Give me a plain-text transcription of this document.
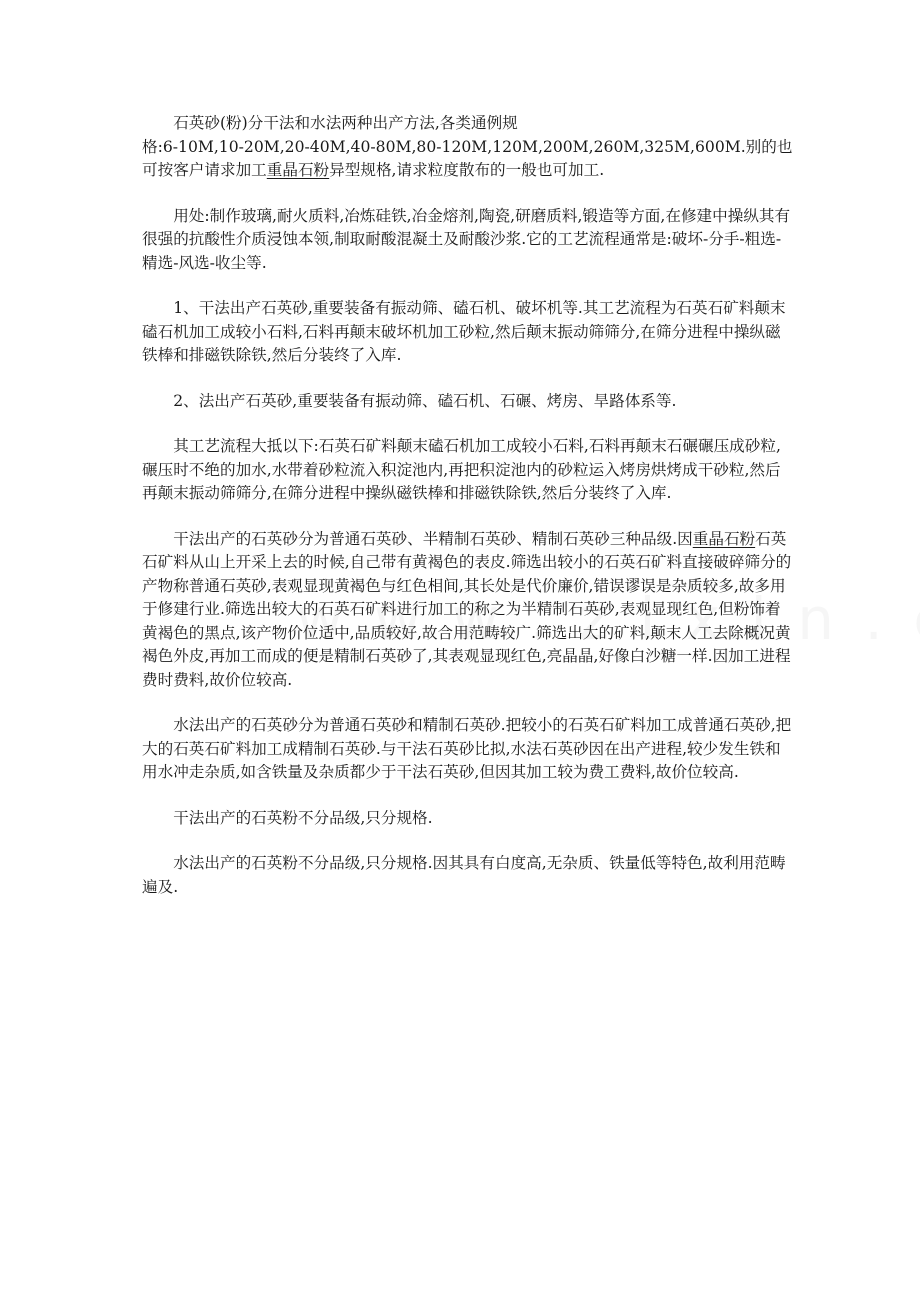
石英砂(粉)分干法和水法两种出产方法,各类通例规
格:6-10M,10-20M,20-40M,40-80M,80-120M,120M,200M,260M,325M,600M.别的也可按客户请求加工重晶石粉异型规格,请求粒度散布的一般也可加工.

用处:制作玻璃,耐火质料,冶炼硅铁,冶金熔剂,陶瓷,研磨质料,锻造等方面,在修建中操纵其有很强的抗酸性介质浸蚀本领,制取耐酸混凝土及耐酸沙浆.它的工艺流程通常是:破坏-分手-粗选-精选-风选-收尘等.

1、干法出产石英砂,重要装备有振动筛、磕石机、破坏机等.其工艺流程为石英石矿料颠末磕石机加工成较小石料,石料再颠末破坏机加工砂粒,然后颠末振动筛筛分,在筛分进程中操纵磁铁棒和排磁铁除铁,然后分装终了入库.

2、法出产石英砂,重要装备有振动筛、磕石机、石碾、烤房、旱路体系等.

其工艺流程大抵以下:石英石矿料颠末磕石机加工成较小石料,石料再颠末石碾碾压成砂粒,碾压时不绝的加水,水带着砂粒流入积淀池内,再把积淀池内的砂粒运入烤房烘烤成干砂粒,然后再颠末振动筛筛分,在筛分进程中操纵磁铁棒和排磁铁除铁,然后分装终了入库.

干法出产的石英砂分为普通石英砂、半精制石英砂、精制石英砂三种品级.因重晶石粉石英石矿料从山上开采上去的时候,自己带有黄褐色的表皮.筛选出较小的石英石矿料直接破碎筛分的产物称普通石英砂,表观显现黄褐色与红色相间,其长处是代价廉价,错误谬误是杂质较多,故多用于修建行业.筛选出较大的石英石矿料进行加工的称之为半精制石英砂,表观显现红色,但粉饰着黄褐色的黑点,该产物价位适中,品质较好,故合用范畴较广.筛选出大的矿料,颠末人工去除概况黄褐色外皮,再加工而成的便是精制石英砂了,其表观显现红色,亮晶晶,好像白沙糖一样.因加工进程费时费料,故价位较高.

水法出产的石英砂分为普通石英砂和精制石英砂.把较小的石英石矿料加工成普通石英砂,把大的石英石矿料加工成精制石英砂.与干法石英砂比拟,水法石英砂因在出产进程,较少发生铁和用水冲走杂质,如含铁量及杂质都少于干法石英砂,但因其加工较为费工费料,故价位较高.

干法出产的石英粉不分品级,只分规格.

水法出产的石英粉不分品级,只分规格.因其具有白度高,无杂质、铁量低等特色,故利用范畴遍及.
